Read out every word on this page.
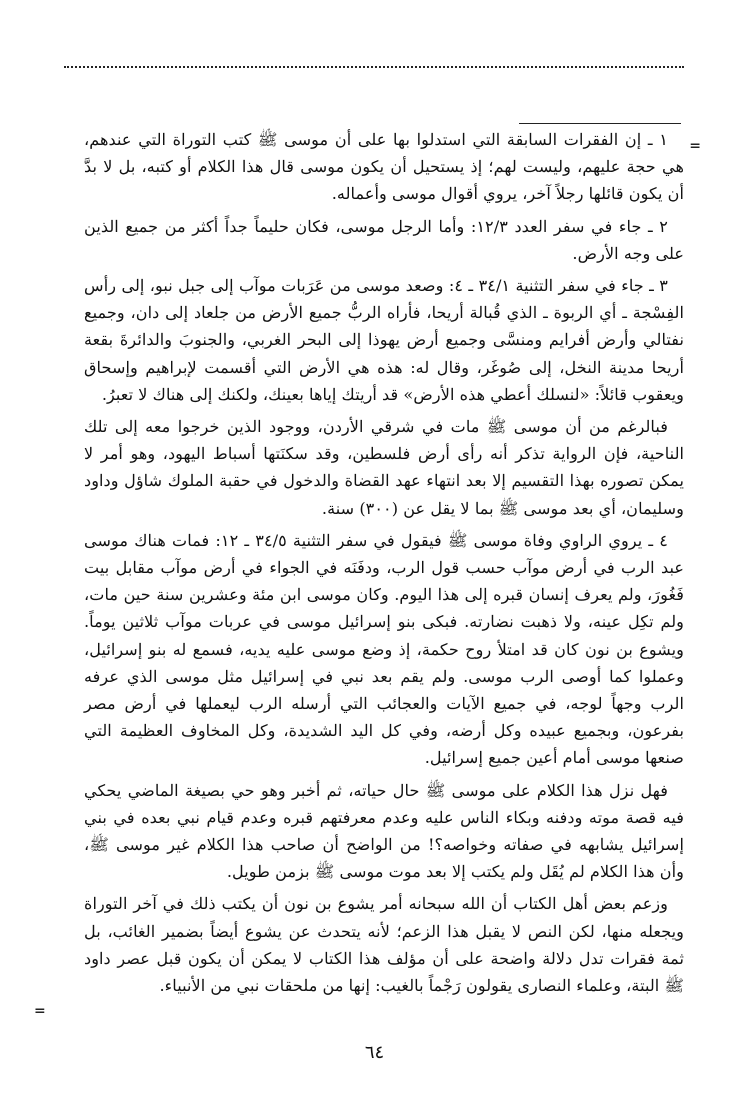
=
=

١ ـ إن الفقرات السابقة التي استدلوا بها على أن موسى ﷺ كتب التوراة التي عندهم، هي حجة عليهم، وليست لهم؛ إذ يستحيل أن يكون موسى قال هذا الكلام أو كتبه، بل لا بدَّ أن يكون قائلها رجلاً آخر، يروي أقوال موسى وأعماله.

٢ ـ جاء في سفر العدد ١٢/٣: وأما الرجل موسى، فكان حليماً جداً أكثر من جميع الذين على وجه الأرض.

٣ ـ جاء في سفر التثنية ٣٤/١ ـ ٤: وصعد موسى من عَرَبات موآب إلى جبل نبو، إلى رأس الفِسْجة ـ أي الربوة ـ الذي قُبالة أريحا، فأراه الربُّ جميع الأرض من جلعاد إلى دان، وجميع نفتالي وأرض أفرايم ومنسَّى وجميع أرض يهوذا إلى البحر الغربي، والجنوبَ والدائرةَ بقعة أريحا مدينة النخل، إلى صُوغَر، وقال له: هذه هي الأرض التي أقسمت لإبراهيم وإسحاق ويعقوب قائلاً: «لنسلك أعطي هذه الأرض» قد أريتك إياها بعينك، ولكنك إلى هناك لا تعبرُ.

فبالرغم من أن موسى ﷺ مات في شرقي الأردن، ووجود الذين خرجوا معه إلى تلك الناحية، فإن الرواية تذكر أنه رأى أرض فلسطين، وقد سكنَتها أسباط اليهود، وهو أمر لا يمكن تصوره بهذا التقسيم إلا بعد انتهاء عهد القضاة والدخول في حقبة الملوك شاؤل وداود وسليمان، أي بعد موسى ﷺ بما لا يقل عن (٣٠٠) سنة.

٤ ـ يروي الراوي وفاة موسى ﷺ فيقول في سفر التثنية ٣٤/٥ ـ ١٢: فمات هناك موسى عبد الرب في أرض موآب حسب قول الرب، ودفَنَه في الجواء في أرض موآب مقابل بيت فَغُورَ، ولم يعرف إنسان قبره إلى هذا اليوم. وكان موسى ابن مئة وعشرين سنة حين مات، ولم تكِل عينه، ولا ذهبت نضارته. فبكى بنو إسرائيل موسى في عربات موآب ثلاثين يوماً. ويشوع بن نون كان قد امتلأ روح حكمة، إذ وضع موسى عليه يديه، فسمع له بنو إسرائيل، وعملوا كما أوصى الرب موسى. ولم يقم بعد نبي في إسرائيل مثل موسى الذي عرفه الرب وجهاً لوجه، في جميع الآيات والعجائب التي أرسله الرب ليعملها في أرض مصر بفرعون، وبجميع عبيده وكل أرضه، وفي كل اليد الشديدة، وكل المخاوف العظيمة التي صنعها موسى أمام أعين جميع إسرائيل.

فهل نزل هذا الكلام على موسى ﷺ حال حياته، ثم أخبر وهو حي بصيغة الماضي يحكي فيه قصة موته ودفنه وبكاء الناس عليه وعدم معرفتهم قبره وعدم قيام نبي بعده في بني إسرائيل يشابهه في صفاته وخواصه؟! من الواضح أن صاحب هذا الكلام غير موسى ﷺ، وأن هذا الكلام لم يُقَل ولم يكتب إلا بعد موت موسى ﷺ بزمن طويل.

وزعم بعض أهل الكتاب أن الله سبحانه أمر يشوع بن نون أن يكتب ذلك في آخر التوراة ويجعله منها، لكن النص لا يقبل هذا الزعم؛ لأنه يتحدث عن يشوع أيضاً بضمير الغائب، بل ثمة فقرات تدل دلالة واضحة على أن مؤلف هذا الكتاب لا يمكن أن يكون قبل عصر داود ﷺ البتة، وعلماء النصارى يقولون رَجْماً بالغيب: إنها من ملحقات نبي من الأنبياء.

٦٤
